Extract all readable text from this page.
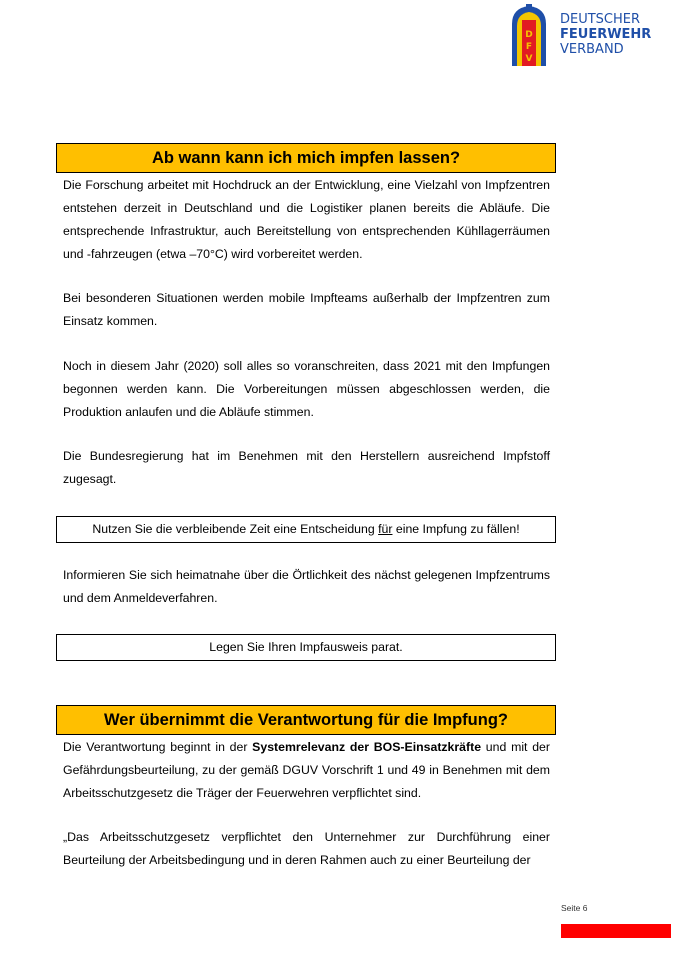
D
F
V
DEUTSCHER
FEUERWEHR
VERBAND
Ab wann kann ich mich impfen lassen?

Die Forschung arbeitet mit Hochdruck an der Entwicklung, eine Vielzahl von Impfzentren entstehen derzeit in Deutschland und die Logistiker planen bereits die Abläufe. Die entsprechende Infrastruktur, auch Bereitstellung von entsprechenden Kühllagerräumen und -fahrzeugen (etwa –70°C) wird vorbereitet werden.

Bei besonderen Situationen werden mobile Impfteams außerhalb der Impfzentren zum Einsatz kommen.

Noch in diesem Jahr (2020) soll alles so voranschreiten, dass 2021 mit den Impfungen begonnen werden kann. Die Vorbereitungen müssen abgeschlossen werden, die Produktion anlaufen und die Abläufe stimmen.

Die Bundesregierung hat im Benehmen mit den Herstellern ausreichend Impfstoff zugesagt.

Nutzen Sie die verbleibende Zeit eine Entscheidung für eine Impfung zu fällen!

Informieren Sie sich heimatnahe über die Örtlichkeit des nächst gelegenen Impfzentrums und dem Anmeldeverfahren.

Legen Sie Ihren Impfausweis parat.
Wer übernimmt die Verantwortung für die Impfung?

Die Verantwortung beginnt in der Systemrelevanz der BOS-Einsatzkräfte und mit der Gefährdungsbeurteilung, zu der gemäß DGUV Vorschrift 1 und 49 in Benehmen mit dem Arbeitsschutzgesetz die Träger der Feuerwehren verpflichtet sind.

„Das Arbeitsschutzgesetz verpflichtet den Unternehmer zur Durchführung einer Beurteilung der Arbeitsbedingung und in deren Rahmen auch zu einer Beurteilung der

Seite 6
